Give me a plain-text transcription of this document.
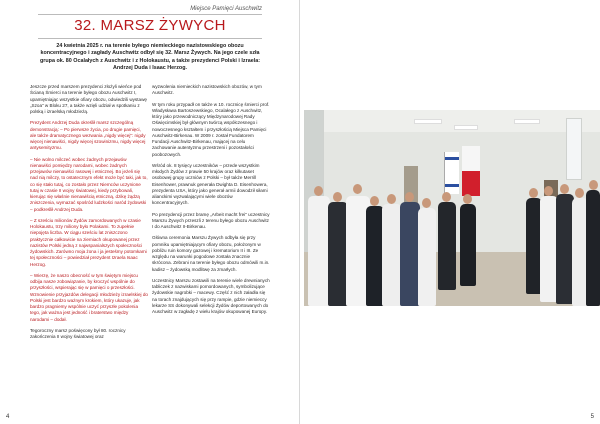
Miejsce Pamięci Auschwitz
32. MARSZ ŻYWYCH
24 kwietnia 2025 r. na terenie byłego niemieckiego nazistowskiego obozu koncentracyjnego i zagłady Auschwitz odbył się 32. Marsz Żywych. Na jego czele szła grupa ok. 80 Ocalałych z Auschwitz i z Holokaustu, a także prezydenci Polski i Izraela: Andrzej Duda i Isaac Herzog.

Jeszcze przed marszem prezydenci złożyli wieńce pod Ścianą Śmierci na terenie byłego obozu Auschwitz I, upamiętniając wszystkie ofiary obozu, odwiedzili wystawę „Szoa" w Bloku 27, a także wzięli udział w spotkaniu z polską i izraelską młodzieżą.

Prezydent Andrzej Duda określił marsz szczególną demonstracją: – Po pierwsze życia, po drugie pamięci, ale także dramatycznego wezwania „nigdy więcej": nigdy więcej nienawiści, nigdy więcej szowinizmu, nigdy więcej antysemityzmu.

– Nie wolno milczeć wobec żadnych przejawów nienawiści pomiędzy narodami, wobec żadnych przejawów nienawiści rasowej i etnicznej. Bo jeżeli się nad nią milczy, to ostatecznym efekt może być taki, jak to, co się stało tutaj, co zostało przez Niemców uczynione tutaj w czasie II wojny światowej, kiedy przybowali, kierując się właśnie nienawiścią etniczną, dzikę żądzą zniszczenia, wymazać spośród ludzkości naród żydowski – podkreślił Andrzej Duda.

– Z sześciu milionów Żydów zamordowanych w czasie Holokaustu, trzy miliony było Polakami. To zupełnie niepojęta liczba. W ciągu sześciu lat zniszczono praktycznie całkowicie na ziemiach okupowanej przez nazistów Polski jedną z najwspanialszych społeczności żydowskich. Zarówno moja żona i ja jesteśmy potomkami tej społeczności – powiedział prezydent Izraela Isaac Herzog.

– Wierzę, że naszo obecność w tym świętym miejscu odbija nasze zobowiązanie, by kroczyć wspólnie do przyszłości, wspierając się w pamięci o przeszłości. Wznowienie przyjazdów delegacji młodzieży izraelskiej do Polski jest bardzo ważnym krokiem, który ukazuje, jak bardzo pragniemy wspólnie uczyć przyszłe pokolenia tego, jak ważna jest jedność i braterstwo między narodami – dodał.

Tegoroczny marsz poświęcony był 80. rocznicy zakończenia II wojny światowej oraz

wyzwolenia niemieckich nazistowskich obozów, w tym Auschwitz.

W tym roku przypadł on także w 10. rocznicę śmierci prof. Władysława Bartoszewskiego, Ocalałego z Auschwitz, który jako przewodniczący Międzynarodowej Rady Oświęcimskiej był głównym twórcą współczesnego i nowoczesnego kształtem i przyszłością Miejsca Pamięci Auschwitz-Birkenau. W 2009 r. został Fundatorem Fundacji Auschwitz-Birkenau, mającej na celu zachowanie autentyzmu przestrzeni i pozostałości poobozowych.

Wśród ok. 8 tysięcy uczestników – przede wszystkim młodych Żydów z prawie 50 krajów oraz kilkutaset osobowej grupy uczniów z Polski – był także Merrill Eisenhower, prawnuk generała Dwighta D. Eisenhowera, prezydenta USA, który jako generał armii dowodził siłami alianckimi wyzwalającymi wiele obozów koncentracyjnych.

Po prezydencji przez bramę „Arbeit macht frei" uczestnicy Marszu Żywych przeszli z terenu byłego obozu Auschwitz I do Auschwitz II-Birkenau.

Główna ceremonia Marszu Żywych odbyła się przy pomniku upamiętniającym ofiary obozu, położonym w pobliżu ruin komory gazowej i krematorium II i III. Ze względu na warunki pogodowe została znacznie skrócona. Zebrani na terenie byłego obozu odmówili m.in. kadisz – żydowską modlitwę za zmarłych.

Uczestnicy Marszu zostawili na terenie wiele drewnianych tabliczek z nazwiskami pomordowanych, symbolizujące żydowskie nagrobki – macewy. Część z nich załadła się na torach znajdujących się przy rampie, gdzie niemieccy lekarze SS dokonywali selekcji Żydów deportowanych do Auschwitz w zagładę z wielu krajów okupowanej Europy.

4	5
